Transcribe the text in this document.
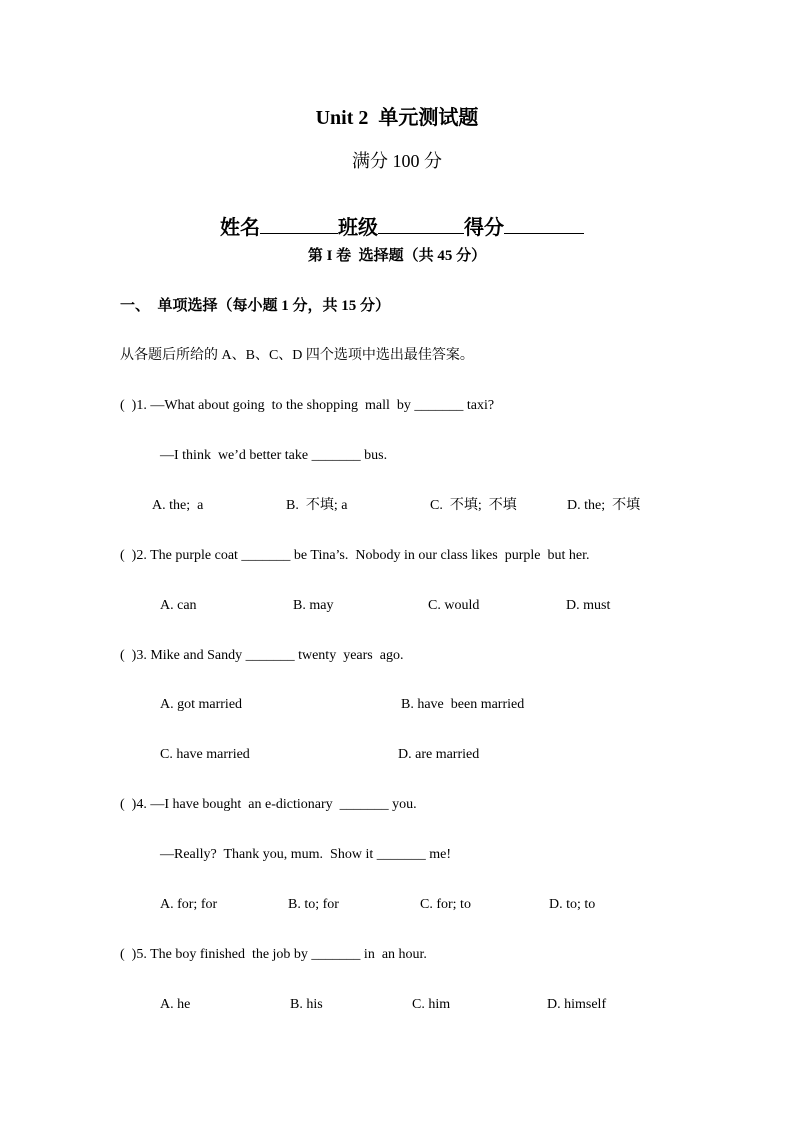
Unit 2  单元测试题
满分 100 分

姓名	班级	得分

第 I 卷  选择题（共 45 分）
一、  单项选择（每小题 1 分，共 15 分）
从各题后所给的 A、B、C、D 四个选项中选出最佳答案。
(  )1. —What about going  to the shopping  mall  by _______ taxi?
—I think  we’d better take _______ bus.
A. the;  a	B.  不填; a	C.  不填;  不填	D. the;  不填
(  )2. The purple coat _______ be Tina’s.  Nobody in our class likes  purple  but her.
A. can	B. may	C. would	D. must
(  )3. Mike and Sandy _______ twenty  years  ago.
A. got married	B. have  been married
C. have married	D. are married
(  )4. —I have bought  an e-dictionary  _______ you.
—Really?  Thank you, mum.  Show it _______ me!
A. for; for	B. to; for	C. for; to	D. to; to
(  )5. The boy finished  the job by _______ in  an hour.
A. he	B. his	C. him	D. himself
